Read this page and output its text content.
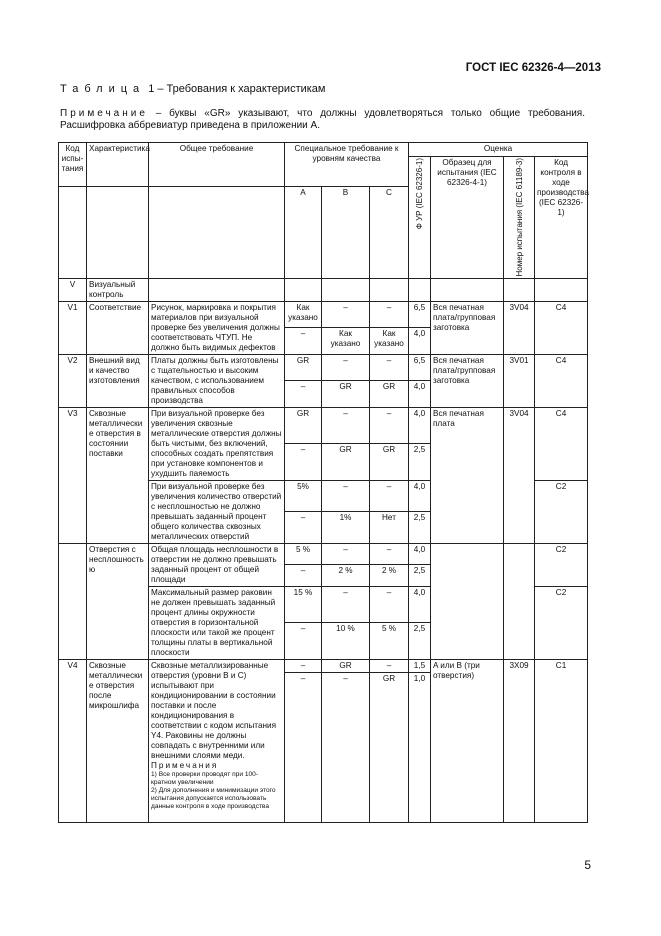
ГОСТ IEC 62326-4—2013
Таблица 1 – Требования к характеристикам
Примечание – буквы «GR» указывают, что должны удовлетворяться только общие требования. Расшифровка аббревиатур приведена в приложении А.
Код испы-тания	Характеристика	Общее требование	Специальное требование к уровням качества			Оценка			

						Ф УР (IEC 62326-1)	Образец для испытания (IEC 62326-4-1)	Номер испытания (IEC 61189-3)	Код контроля в ходе производства (IEC 62326-1)
			A	B	C				
V	Визуальный контроль								
V1	Соответствие	Рисунок, маркировка и покрытия материалов при визуальной проверке без увеличения должны соответствовать ЧТУП. Не должно быть видимых дефектов	Как указано	–	–	6,5	Вся печатная плата/групповая заготовка	3V04	C4
			–	Как указано	Как указано	4,0			
V2	Внешний вид и качество изготовления	Платы должны быть изготовлены с тщательностью и высоким качеством, с использованием правильных способов производства	GR	–	–	6,5	Вся печатная плата/групповая заготовка	3V01	C4
			–	GR	GR	4,0			
V3	Сквозные металлически е отверстия в состоянии поставки	При визуальной проверке без увеличения сквозные металлические отверстия должны быть чистыми, без включений, способных создать препятствия при установке компонентов и ухудшить паяемость	GR	–	–	4,0	Вся печатная плата	3V04	C4
			–	GR	GR	2,5			
		При визуальной проверке без увеличения количество отверстий с несплошностью не должно превышать заданный процент общего количества сквозных металлических отверстий	5%	–	–	4,0			C2
			–	1%	Нет	2,5			
	Отверстия с несплошность ю	Общая площадь несплошности в отверстии не должно превышать заданный процент от общей площади	5 %	–	–	4,0			C2
			–	2 %	2 %	2,5			
		Максимальный размер раковин не должен превышать заданный процент длины окружности отверстия в горизонтальной плоскости или такой же процент толщины платы в вертикальной плоскости	15 %	–	–	4,0			C2
			–	10 %	5 %	2,5			
V4	Сквозные металлически е отверстия после микрошлифа	Сквозные металлизированные отверстия (уровни B и C) испытывают при кондиционировании в состоянии поставки и после кондиционирования в соответствии с кодом испытания Y4. Раковины не должны совпадать с внутренними или внешними слоями меди.
Примечания
1) Все проверки проводят при 100-кратном увеличении
2) Для дополнения и минимизации этого испытания допускается использовать данные контроля в ходе производства	–	GR	–	1,5	A или B (три отверстия)	3X09	C1
			–	–	GR	1,0			
5
